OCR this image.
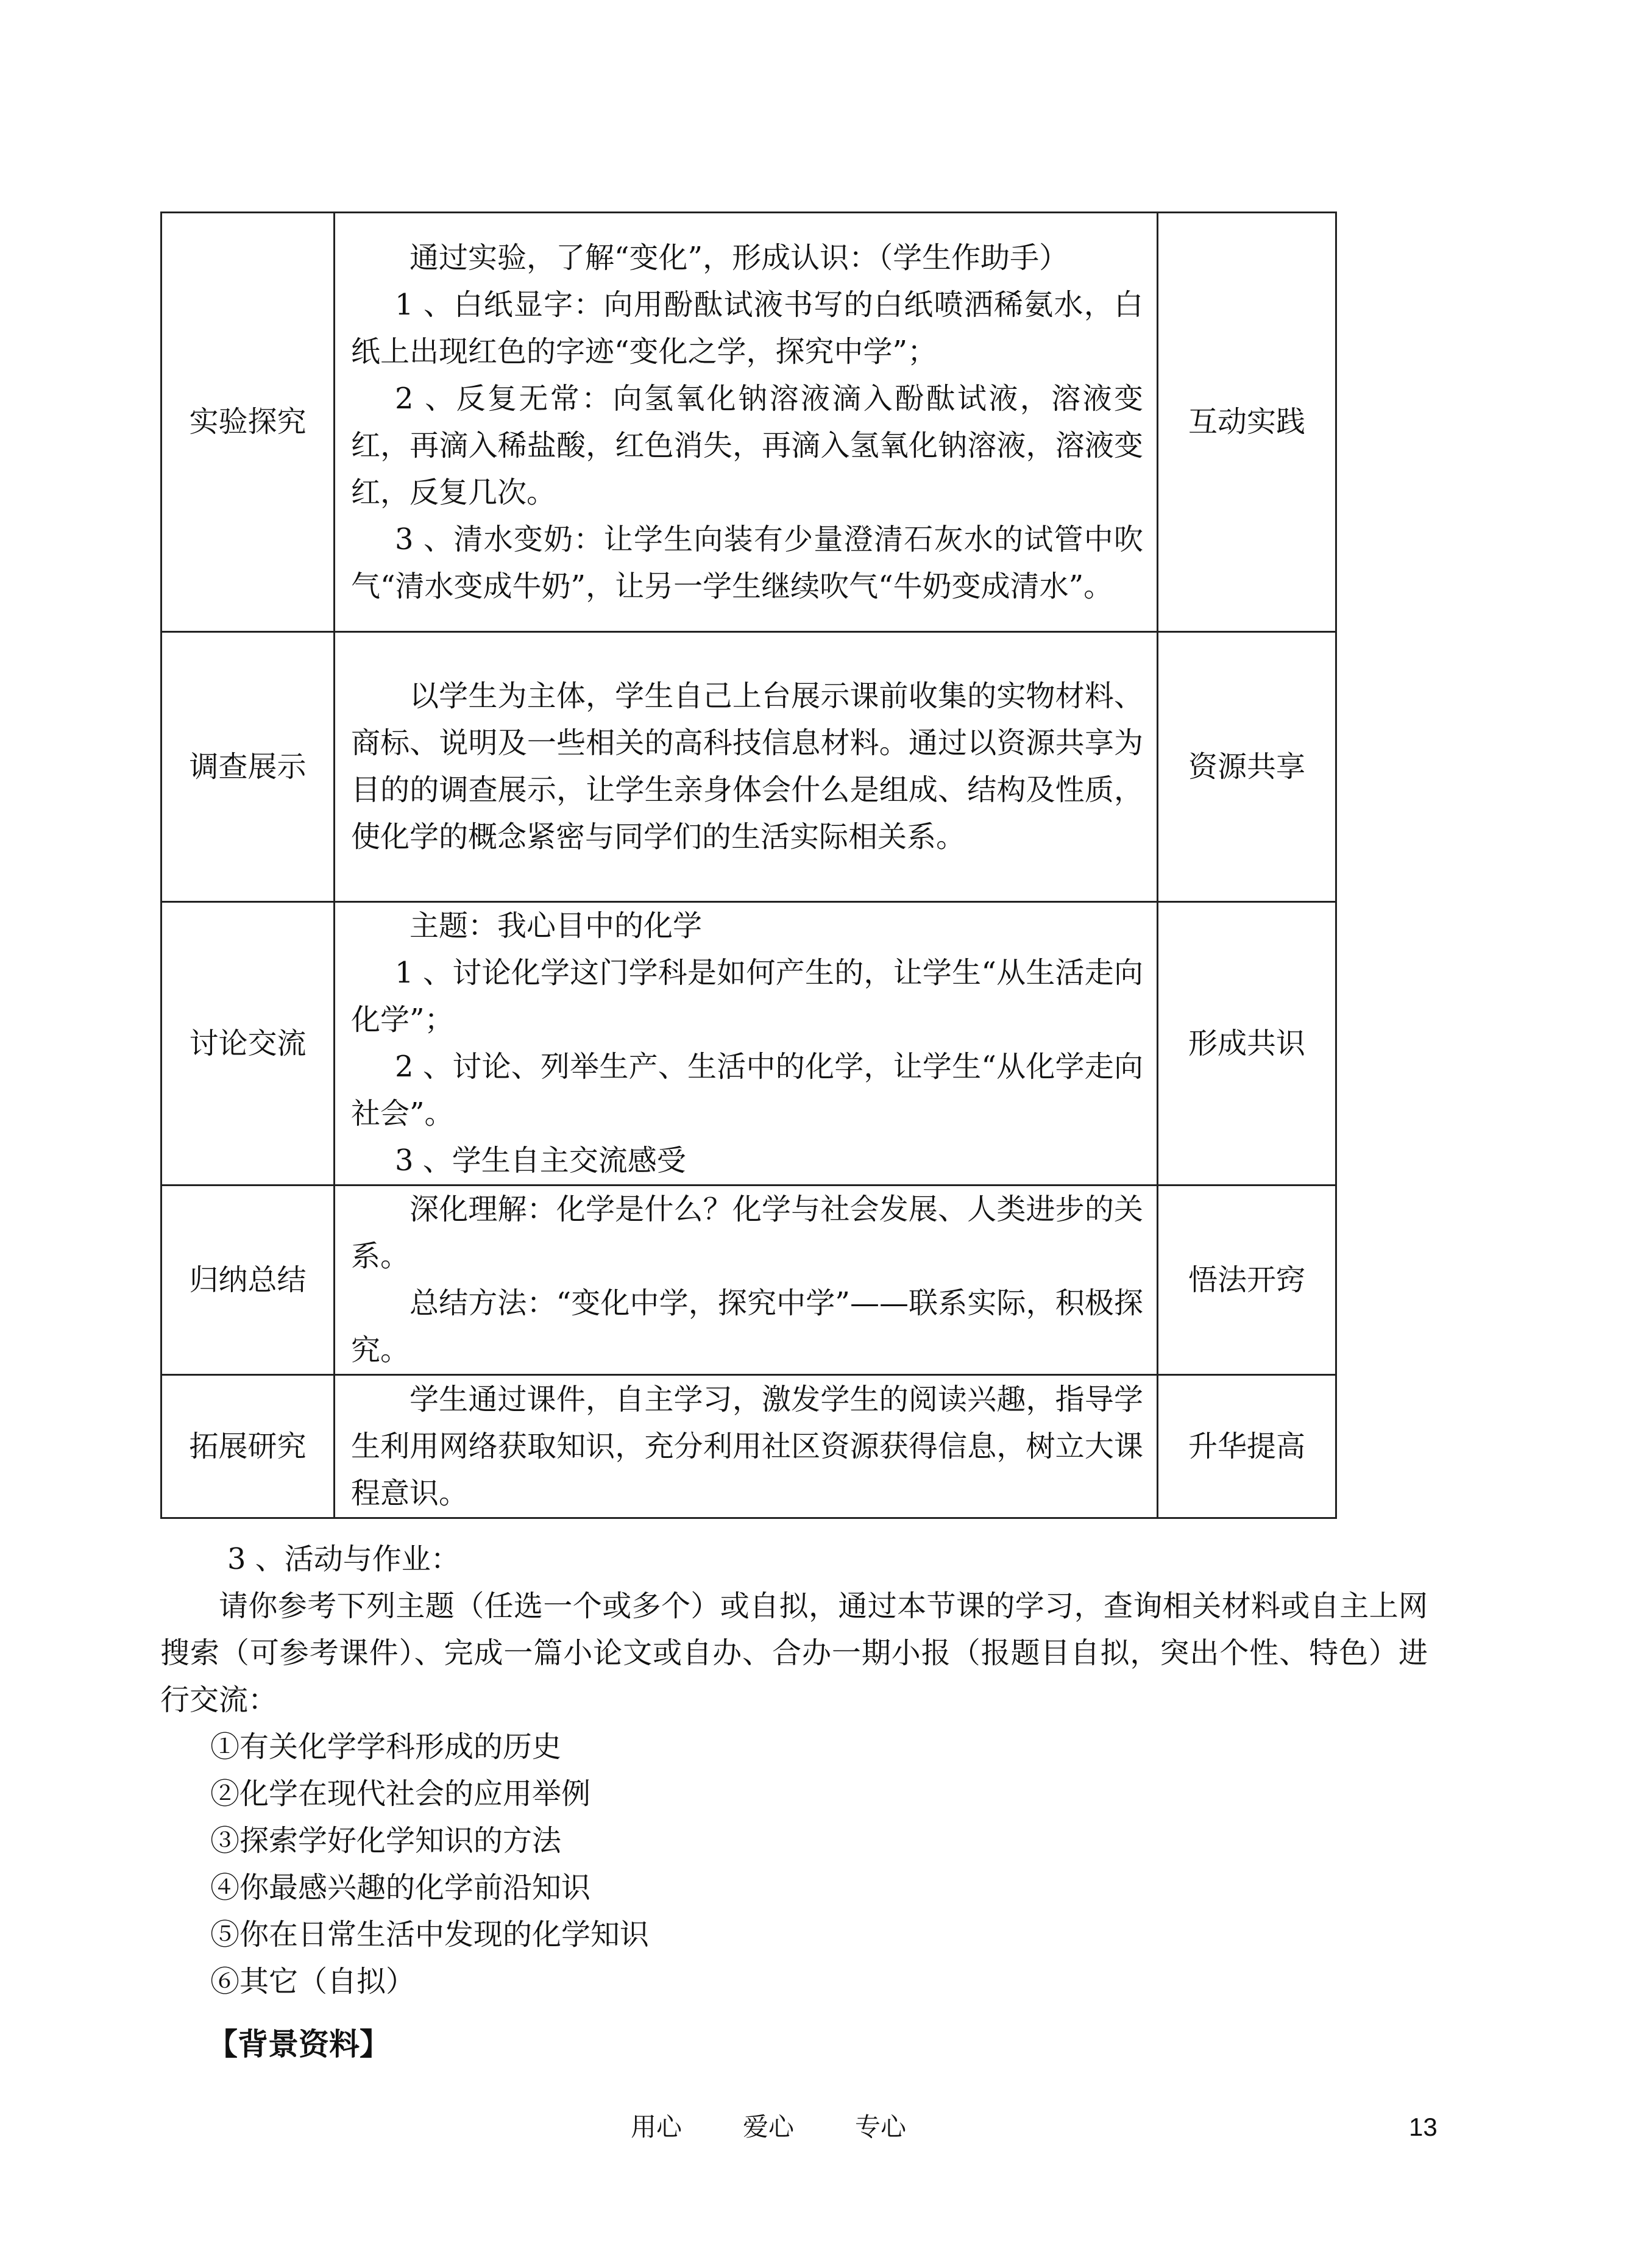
实验探究	通过实验，了解“变化”，形成认识：（学生作助手）
1 、白纸显字：向用酚酞试液书写的白纸喷洒稀氨水，白纸上出现红色的字迹“变化之学，探究中学”；
2 、反复无常：向氢氧化钠溶液滴入酚酞试液，溶液变红，再滴入稀盐酸，红色消失，再滴入氢氧化钠溶液，溶液变红，反复几次。
3 、清水变奶：让学生向装有少量澄清石灰水的试管中吹气“清水变成牛奶”，让另一学生继续吹气“牛奶变成清水”。	互动实践
调查展示	以学生为主体，学生自己上台展示课前收集的实物材料、商标、说明及一些相关的高科技信息材料。通过以资源共享为目的的调查展示，让学生亲身体会什么是组成、结构及性质，使化学的概念紧密与同学们的生活实际相关系。	资源共享
讨论交流	主题：我心目中的化学
1 、讨论化学这门学科是如何产生的，让学生“从生活走向化学”；
2 、讨论、列举生产、生活中的化学，让学生“从化学走向社会”。
3 、学生自主交流感受	形成共识
归纳总结	深化理解：化学是什么？化学与社会发展、人类进步的关系。
总结方法：“变化中学，探究中学”——联系实际，积极探究。	悟法开窍
拓展研究	学生通过课件，自主学习，激发学生的阅读兴趣，指导学生利用网络获取知识，充分利用社区资源获得信息，树立大课程意识。	升华提高
3 、活动与作业：
请你参考下列主题（任选一个或多个）或自拟，通过本节课的学习，查询相关材料或自主上网搜索（可参考课件）、完成一篇小论文或自办、合办一期小报（报题目自拟，突出个性、特色）进行交流：
①有关化学学科形成的历史
②化学在现代社会的应用举例
③探索学好化学知识的方法
④你最感兴趣的化学前沿知识
⑤你在日常生活中发现的化学知识
⑥其它（自拟）
【背景资料】
用心 爱心 专心	13
